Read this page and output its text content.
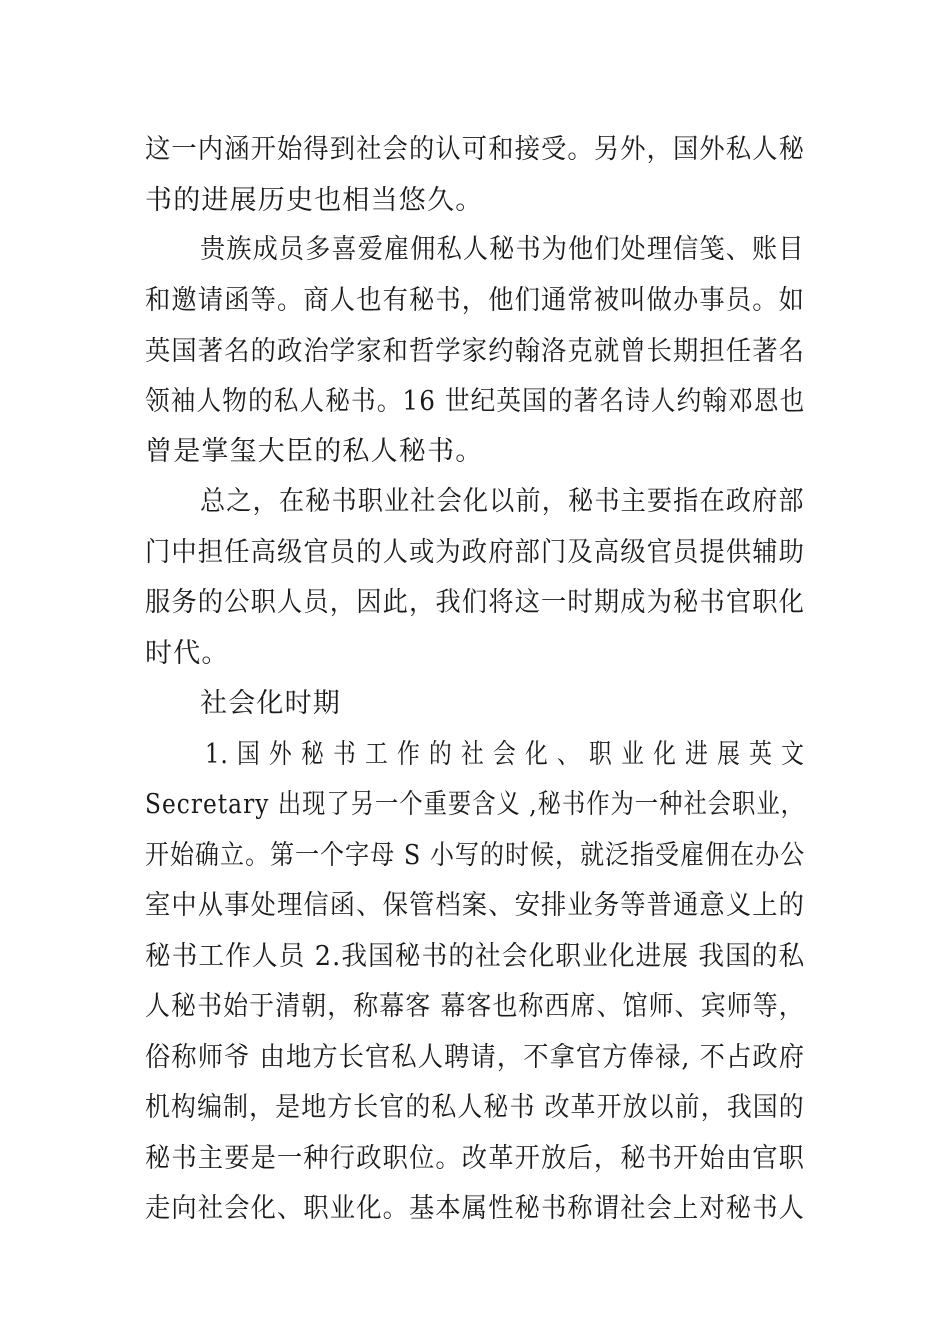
这一内涵开始得到社会的认可和接受。另外，国外私人秘
书的进展历史也相当悠久。
贵族成员多喜爱雇佣私人秘书为他们处理信笺、账目
和邀请函等。商人也有秘书，他们通常被叫做办事员。如
英国著名的政治学家和哲学家约翰洛克就曾长期担任著名
领袖人物的私人秘书。16 世纪英国的著名诗人约翰邓恩也
曾是掌玺大臣的私人秘书。
总之，在秘书职业社会化以前，秘书主要指在政府部
门中担任高级官员的人或为政府部门及高级官员提供辅助
服务的公职人员，因此，我们将这一时期成为秘书官职化
时代。
社会化时期
1. 国 外 秘 书 工 作 的 社 会 化 、 职 业 化 进 展 英 文
Secretary 出现了另一个重要含义 ,秘书作为一种社会职业，
开始确立。第一个字母 S 小写的时候，就泛指受雇佣在办公
室中从事处理信函、保管档案、安排业务等普通意义上的
秘书工作人员 2.我国秘书的社会化职业化进展 我国的私
人秘书始于清朝，称幕客 幕客也称西席、馆师、宾师等，
俗称师爷 由地方长官私人聘请，不拿官方俸禄, 不占政府
机构编制，是地方长官的私人秘书 改革开放以前，我国的
秘书主要是一种行政职位。改革开放后，秘书开始由官职
走向社会化、职业化。基本属性秘书称谓社会上对秘书人
